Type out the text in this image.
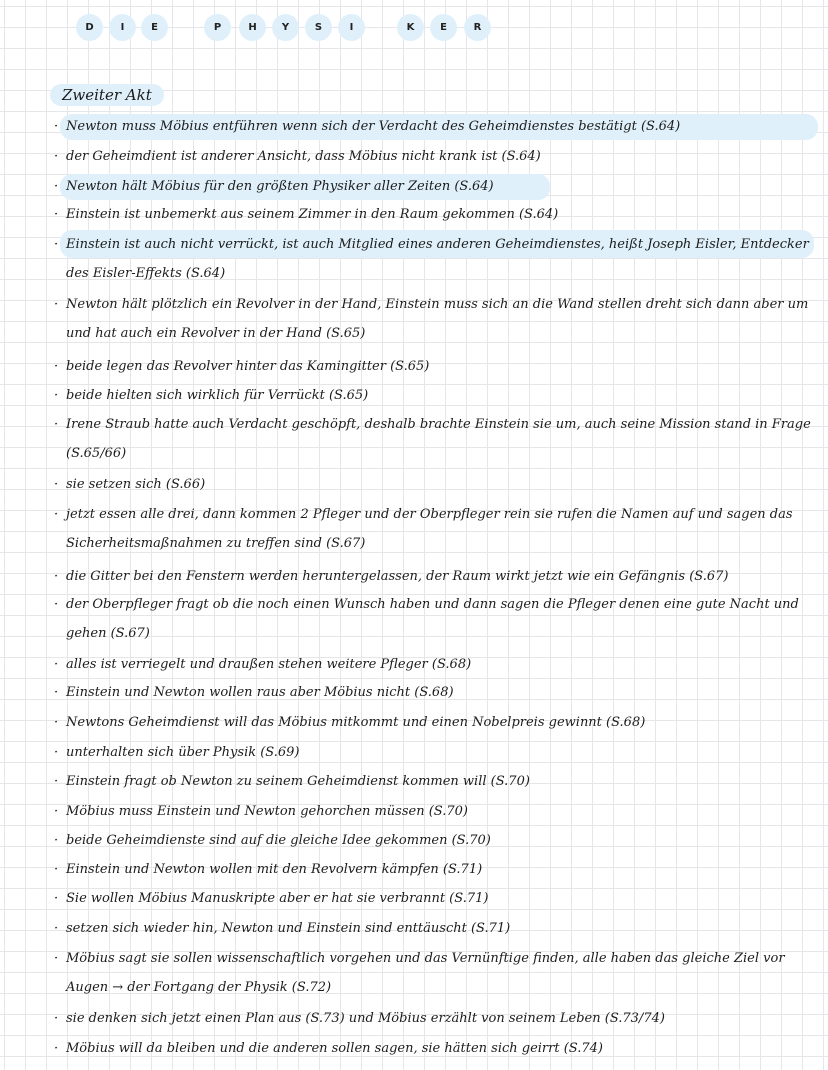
D	I	E	P	H	Y	S	I	K	E	R
Zweiter Akt
· Newton muss Möbius entführen wenn sich der Verdacht des Geheimdienstes bestätigt (S.64)
· der Geheimdient ist anderer Ansicht, dass Möbius nicht krank ist (S.64)
· Newton hält Möbius für den größten Physiker aller Zeiten (S.64)
· Einstein ist unbemerkt aus seinem Zimmer in den Raum gekommen (S.64)
· Einstein ist auch nicht verrückt, ist auch Mitglied eines anderen Geheimdienstes, heißt Joseph Eisler, Entdecker des Eisler-Effekts (S.64)
· Newton hält plötzlich ein Revolver in der Hand, Einstein muss sich an die Wand stellen dreht sich dann aber um und hat auch ein Revolver in der Hand (S.65)
· beide legen das Revolver hinter das Kamingitter (S.65)
· beide hielten sich wirklich für Verrückt (S.65)
· Irene Straub hatte auch Verdacht geschöpft, deshalb brachte Einstein sie um, auch seine Mission stand in Frage (S.65/66)
· sie setzen sich (S.66)
· jetzt essen alle drei, dann kommen 2 Pfleger und der Oberpfleger rein sie rufen die Namen auf und sagen das Sicherheitsmaßnahmen zu treffen sind (S.67)
· die Gitter bei den Fenstern werden heruntergelassen, der Raum wirkt jetzt wie ein Gefängnis (S.67)
· der Oberpfleger fragt ob die noch einen Wunsch haben und dann sagen die Pfleger denen eine gute Nacht und gehen (S.67)
· alles ist verriegelt und draußen stehen weitere Pfleger (S.68)
· Einstein und Newton wollen raus aber Möbius nicht (S.68)
· Newtons Geheimdienst will das Möbius mitkommt und einen Nobelpreis gewinnt (S.68)
· unterhalten sich über Physik (S.69)
· Einstein fragt ob Newton zu seinem Geheimdienst kommen will (S.70)
· Möbius muss Einstein und Newton gehorchen müssen (S.70)
· beide Geheimdienste sind auf die gleiche Idee gekommen (S.70)
· Einstein und Newton wollen mit den Revolvern kämpfen (S.71)
· Sie wollen Möbius Manuskripte aber er hat sie verbrannt (S.71)
· setzen sich wieder hin, Newton und Einstein sind enttäuscht (S.71)
· Möbius sagt sie sollen wissenschaftlich vorgehen und das Vernünftige finden, alle haben das gleiche Ziel vor Augen → der Fortgang der Physik (S.72)
· sie denken sich jetzt einen Plan aus (S.73) und Möbius erzählt von seinem Leben (S.73/74)
· Möbius will da bleiben und die anderen sollen sagen, sie hätten sich geirrt (S.74)
